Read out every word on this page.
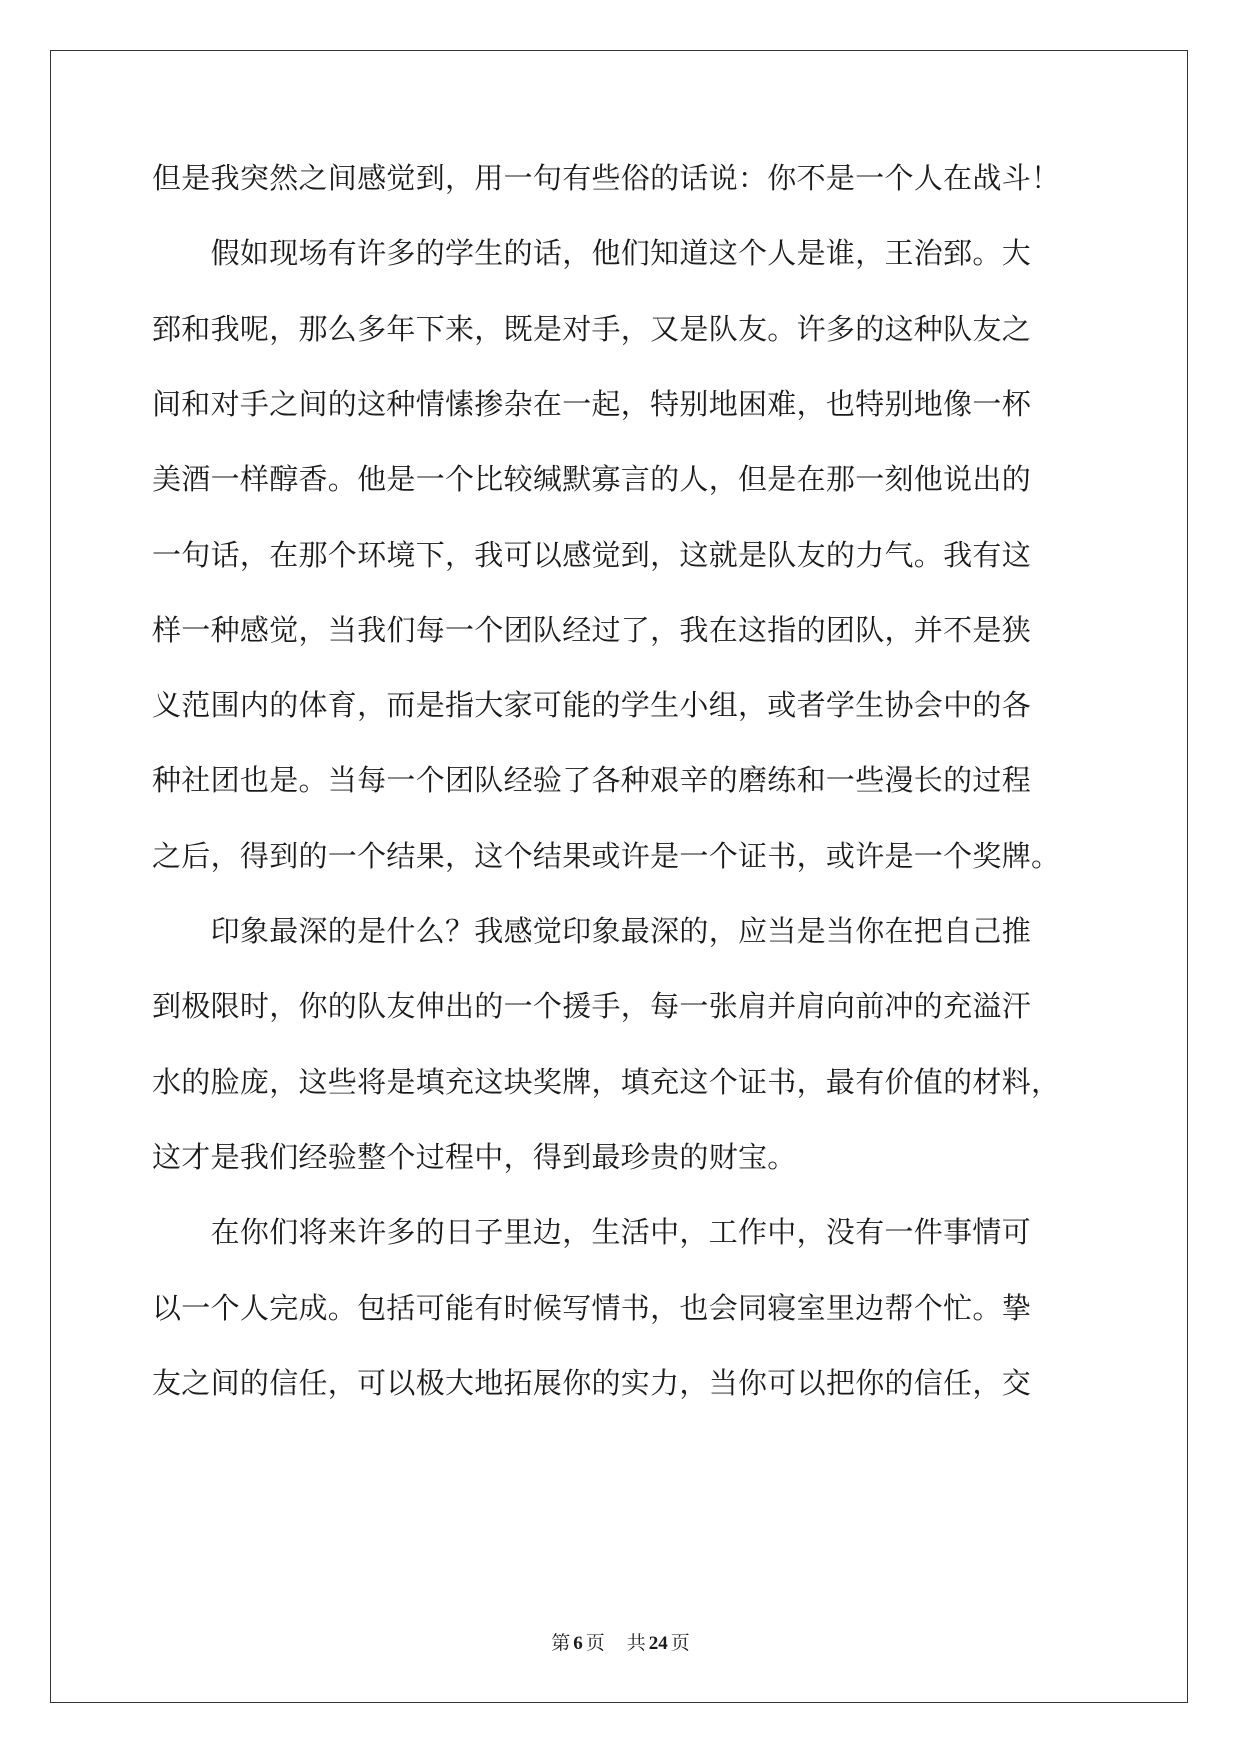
但是我突然之间感觉到，用一句有些俗的话说：你不是一个人在战斗！
　　假如现场有许多的学生的话，他们知道这个人是谁，王治郅。大
郅和我呢，那么多年下来，既是对手，又是队友。许多的这种队友之
间和对手之间的这种情愫掺杂在一起，特别地困难，也特别地像一杯
美酒一样醇香。他是一个比较缄默寡言的人，但是在那一刻他说出的
一句话，在那个环境下，我可以感觉到，这就是队友的力气。我有这
样一种感觉，当我们每一个团队经过了，我在这指的团队，并不是狭
义范围内的体育，而是指大家可能的学生小组，或者学生协会中的各
种社团也是。当每一个团队经验了各种艰辛的磨练和一些漫长的过程
之后，得到的一个结果，这个结果或许是一个证书，或许是一个奖牌。
　　印象最深的是什么？我感觉印象最深的，应当是当你在把自己推
到极限时，你的队友伸出的一个援手，每一张肩并肩向前冲的充溢汗
水的脸庞，这些将是填充这块奖牌，填充这个证书，最有价值的材料，
这才是我们经验整个过程中，得到最珍贵的财宝。
　　在你们将来许多的日子里边，生活中，工作中，没有一件事情可
以一个人完成。包括可能有时候写情书，也会同寝室里边帮个忙。挚
友之间的信任，可以极大地拓展你的实力，当你可以把你的信任，交
第 6 页 共 24 页
